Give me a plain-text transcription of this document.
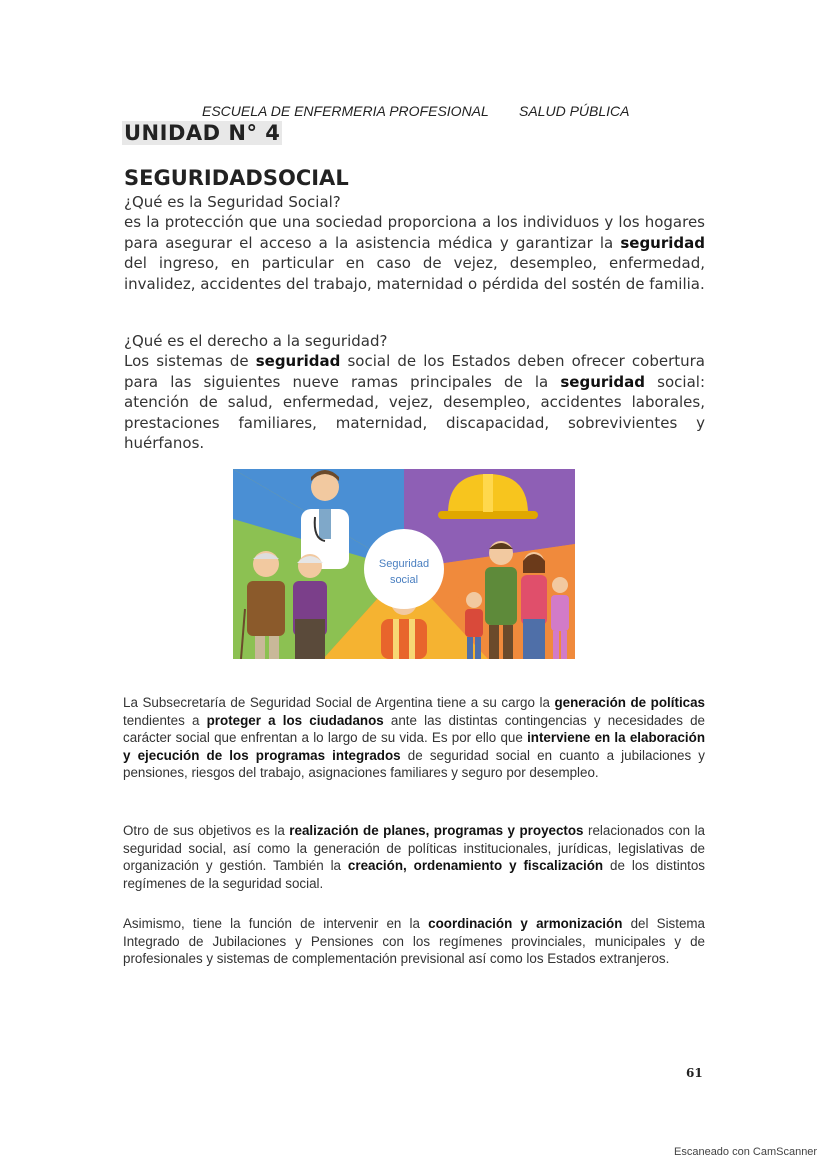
ESCUELA DE ENFERMERIA PROFESIONAL SALUD PÚBLICA
UNIDAD N° 4
SEGURIDADSOCIAL
¿Qué es la Seguridad Social?
es la protección que una sociedad proporciona a los individuos y los hogares para asegurar el acceso a la asistencia médica y garantizar la seguridad del ingreso, en particular en caso de vejez, desempleo, enfermedad, invalidez, accidentes del trabajo, maternidad o pérdida del sostén de familia.
¿Qué es el derecho a la seguridad?
Los sistemas de seguridad social de los Estados deben ofrecer cobertura para las siguientes nueve ramas principales de la seguridad social: atención de salud, enfermedad, vejez, desempleo, accidentes laborales, prestaciones familiares, maternidad, discapacidad, sobrevivientes y huérfanos.
Seguridad
social
La Subsecretaría de Seguridad Social de Argentina tiene a su cargo la generación de políticas tendientes a proteger a los ciudadanos ante las distintas contingencias y necesidades de carácter social que enfrentan a lo largo de su vida. Es por ello que interviene en la elaboración y ejecución de los programas integrados de seguridad social en cuanto a jubilaciones y pensiones, riesgos del trabajo, asignaciones familiares y seguro por desempleo.
Otro de sus objetivos es la realización de planes, programas y proyectos relacionados con la seguridad social, así como la generación de políticas institucionales, jurídicas, legislativas de organización y gestión. También la creación, ordenamiento y fiscalización de los distintos regímenes de la seguridad social.
Asimismo, tiene la función de intervenir en la coordinación y armonización del Sistema Integrado de Jubilaciones y Pensiones con los regímenes provinciales, municipales y de profesionales y sistemas de complementación previsional así como los Estados extranjeros.
61
Escaneado con CamScanner
